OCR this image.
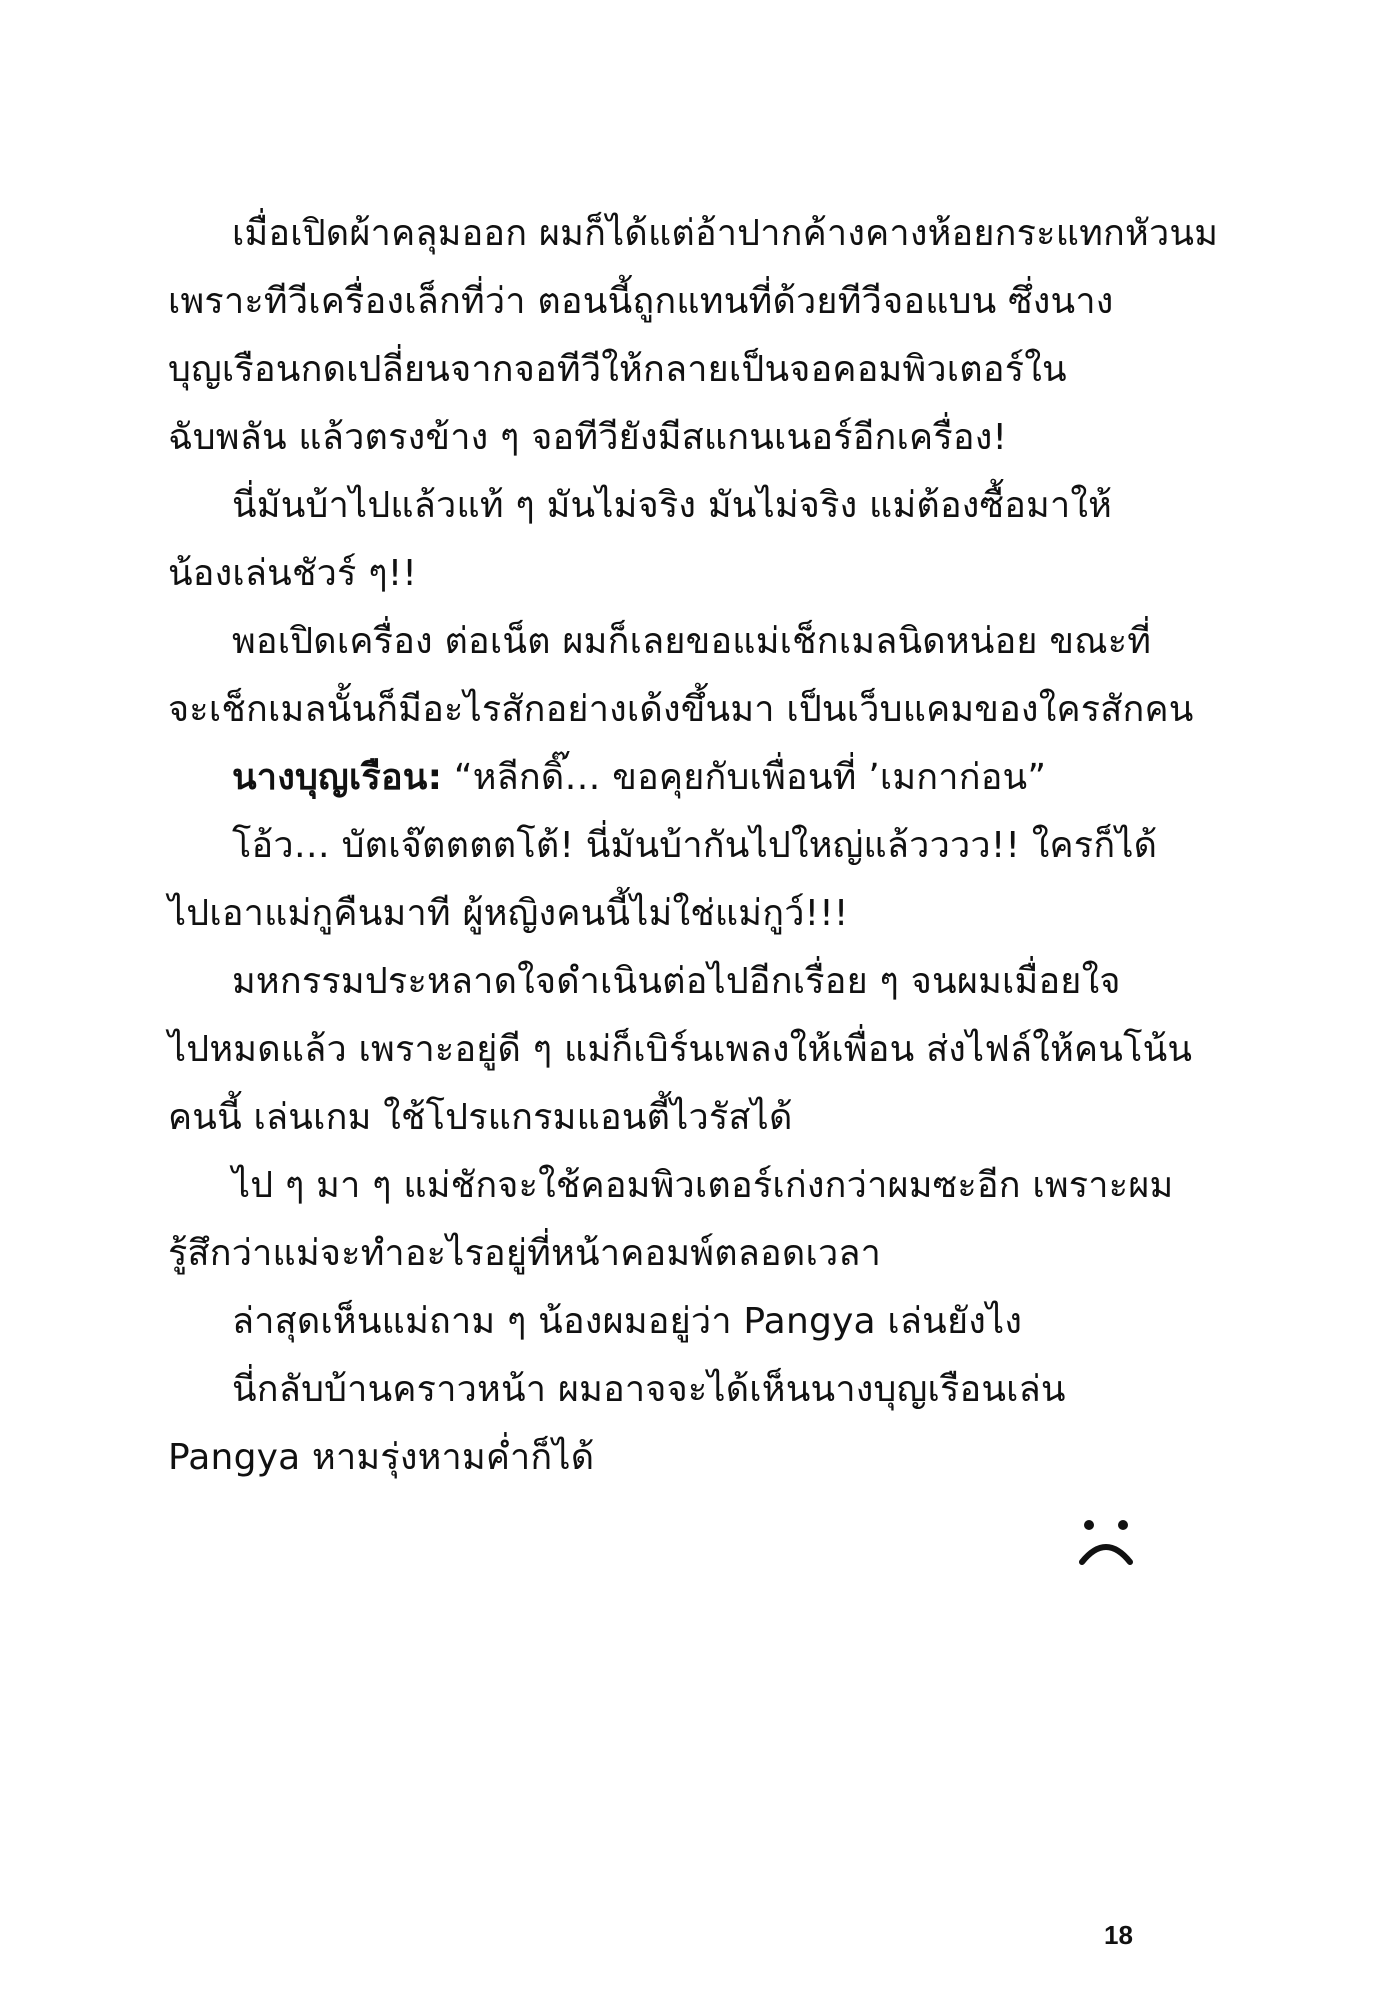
เมื่อเปิดผ้าคลุมออก ผมก็ได้แต่อ้าปากค้างคางห้อยกระแทกหัวนม
เพราะทีวีเครื่องเล็กที่ว่า ตอนนี้ถูกแทนที่ด้วยทีวีจอแบน ซึ่งนาง
บุญเรือนกดเปลี่ยนจากจอทีวีให้กลายเป็นจอคอมพิวเตอร์ใน
ฉับพลัน แล้วตรงข้าง ๆ จอทีวียังมีสแกนเนอร์อีกเครื่อง!
นี่มันบ้าไปแล้วแท้ ๆ มันไม่จริง มันไม่จริง แม่ต้องซื้อมาให้
น้องเล่นชัวร์ ๆ!!
พอเปิดเครื่อง ต่อเน็ต ผมก็เลยขอแม่เช็กเมลนิดหน่อย ขณะที่
จะเช็กเมลนั้นก็มีอะไรสักอย่างเด้งขึ้นมา เป็นเว็บแคมของใครสักคน
นางบุญเรือน: “หลีกดิ๊… ขอคุยกับเพื่อนที่ ’เมกาก่อน”
โอ้ว… บัตเจ๊ตตตตโต้! นี่มันบ้ากันไปใหญ่แล้วววว!! ใครก็ได้
ไปเอาแม่กูคืนมาที ผู้หญิงคนนี้ไม่ใช่แม่กูว์!!!
มหกรรมประหลาดใจดำเนินต่อไปอีกเรื่อย ๆ จนผมเมื่อยใจ
ไปหมดแล้ว เพราะอยู่ดี ๆ แม่ก็เบิร์นเพลงให้เพื่อน ส่งไฟล์ให้คนโน้น
คนนี้ เล่นเกม ใช้โปรแกรมแอนตี้ไวรัสได้
ไป ๆ มา ๆ แม่ชักจะใช้คอมพิวเตอร์เก่งกว่าผมซะอีก เพราะผม
รู้สึกว่าแม่จะทำอะไรอยู่ที่หน้าคอมพ์ตลอดเวลา
ล่าสุดเห็นแม่ถาม ๆ น้องผมอยู่ว่า Pangya เล่นยังไง
นี่กลับบ้านคราวหน้า ผมอาจจะได้เห็นนางบุญเรือนเล่น
Pangya หามรุ่งหามค่ำก็ได้
18
